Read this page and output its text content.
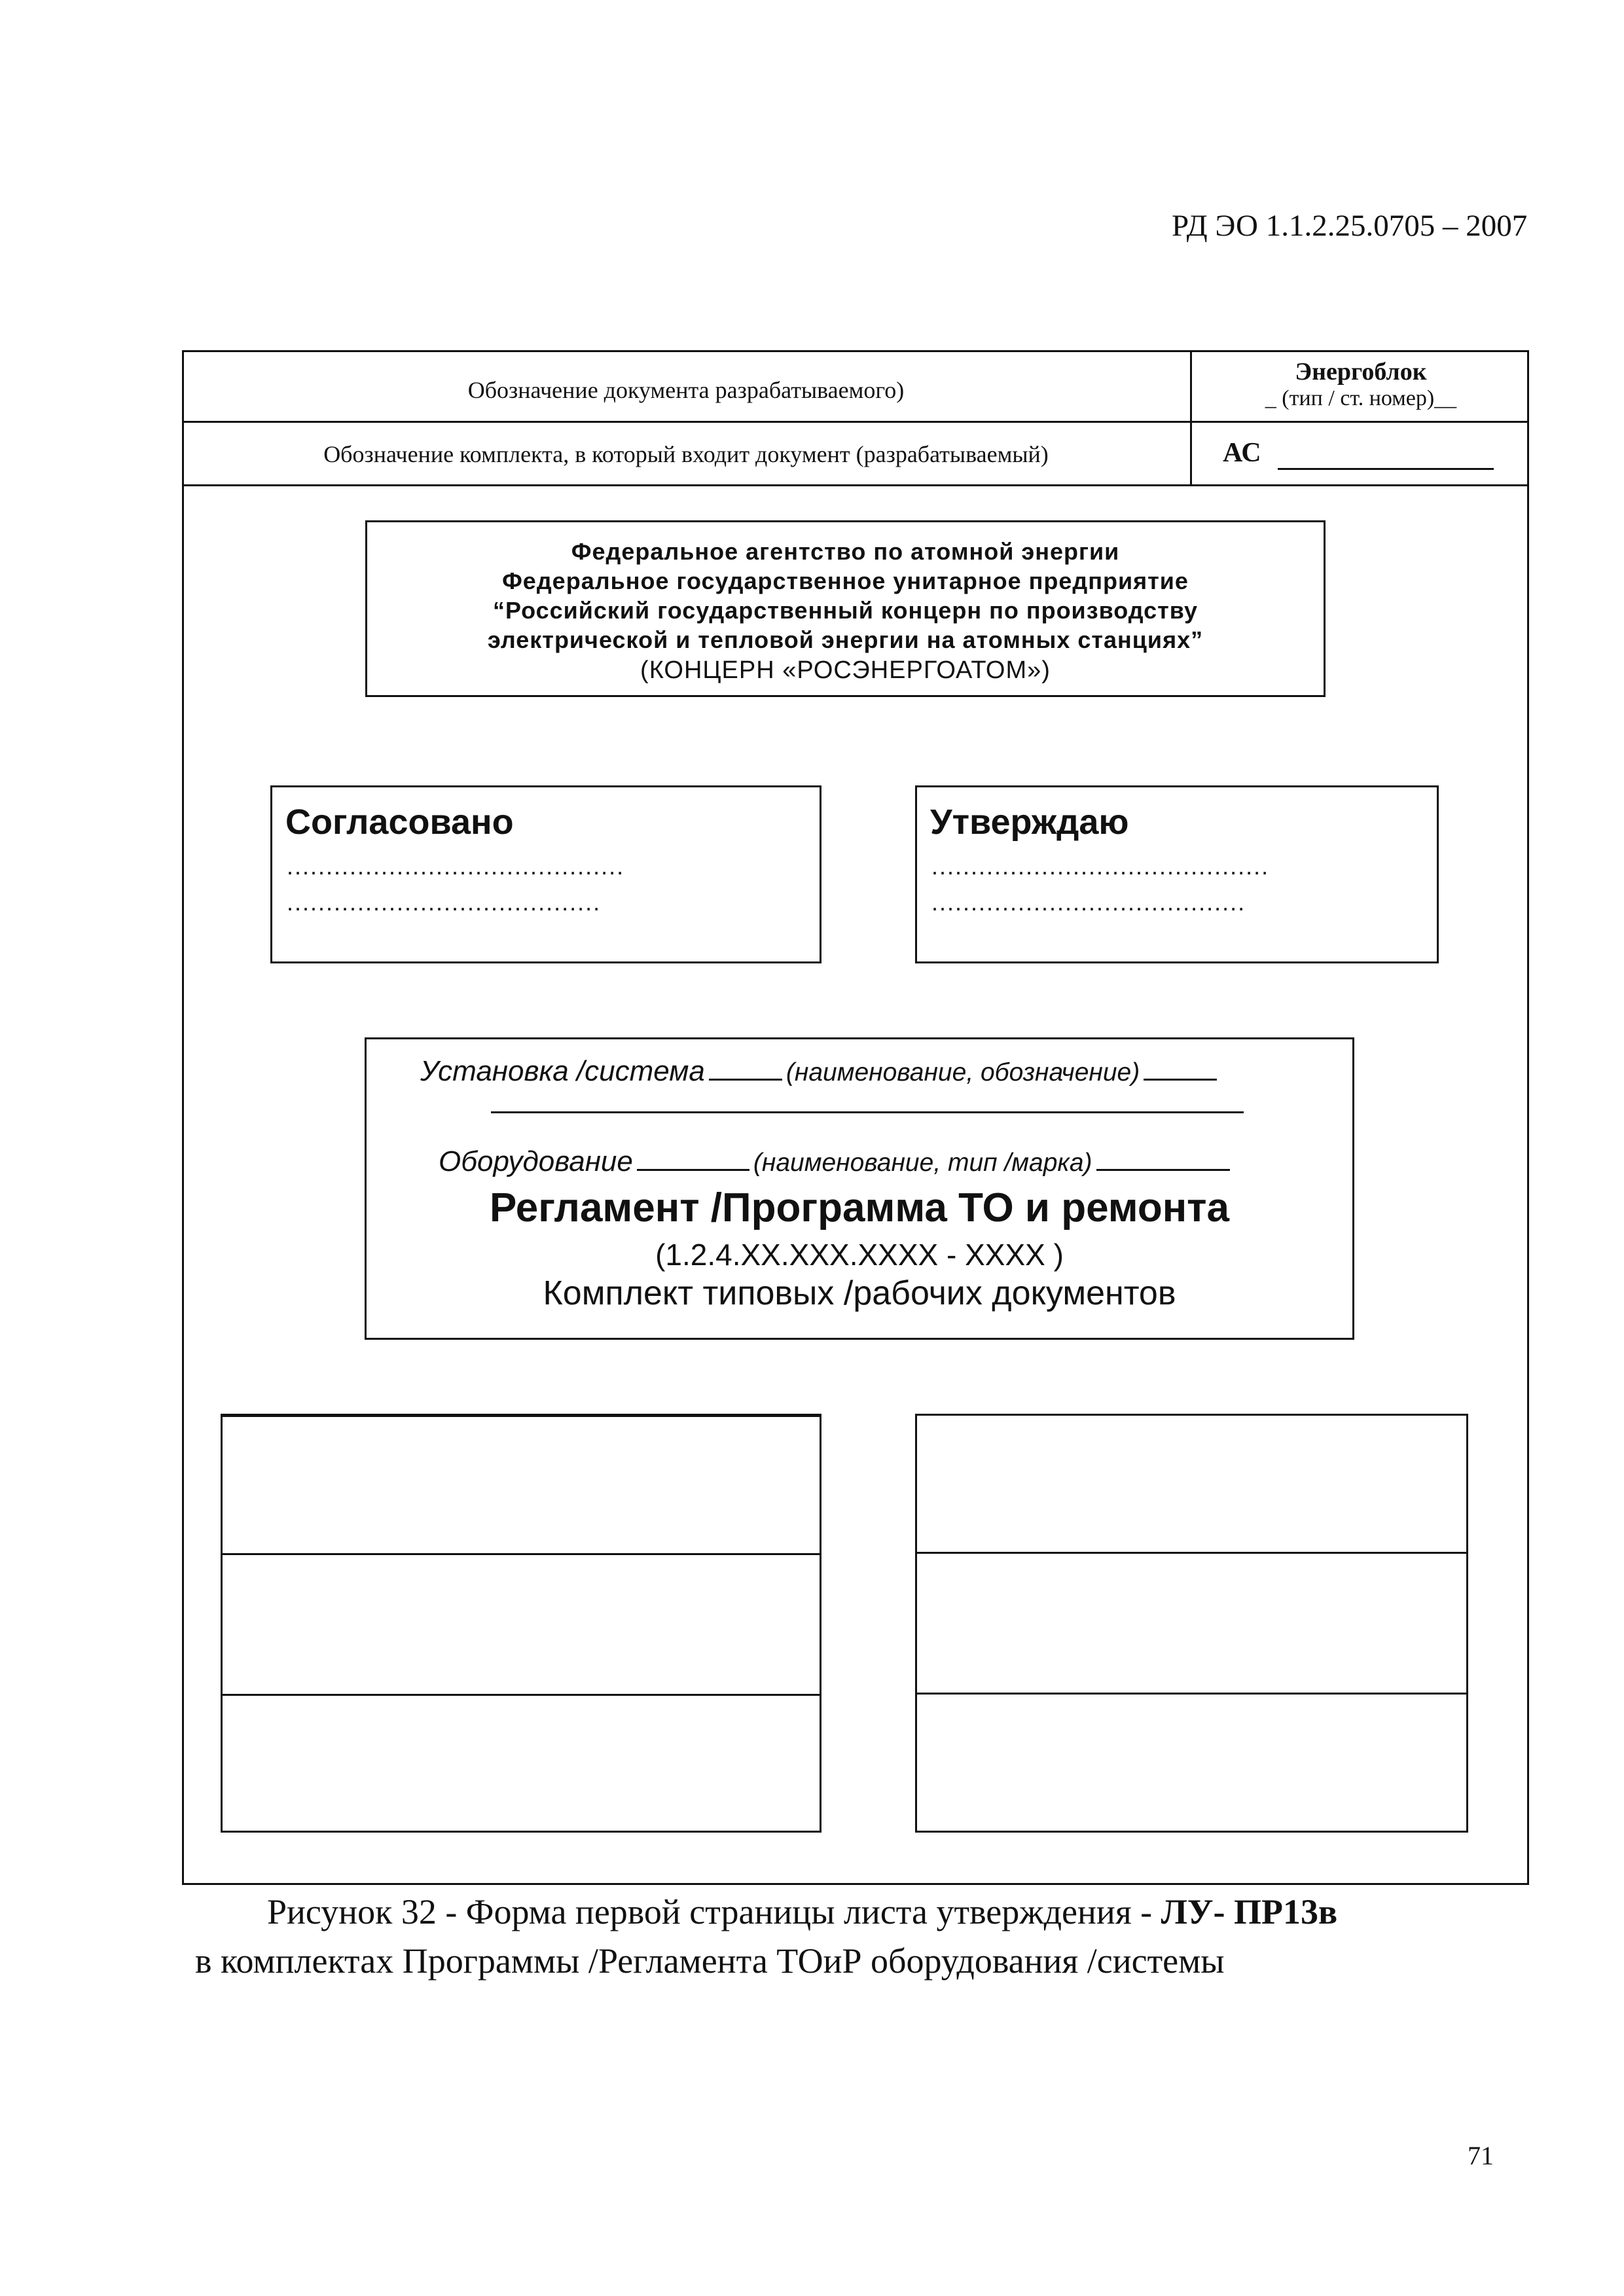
РД ЭО 1.1.2.25.0705 – 2007
Обозначение документа разрабатываемого)
Обозначение комплекта, в который входит документ (разрабатываемый)
Энергоблок
_ (тип / ст. номер)__
АС
Федеральное агентство по атомной энергии
Федеральное государственное унитарное предприятие
“Российский государственный концерн по производству
электрической и тепловой энергии на атомных станциях”
(КОНЦЕРН «РОСЭНЕРГОАТОМ»)
Согласовано
...........................................
........................................
Утверждаю
...........................................
........................................
Установка /система	(наименование, обозначение)
Оборудование	(наименование, тип /марка)
Регламент /Программа ТО и ремонта
(1.2.4.XX.XXX.XXXX - XXXX )
Комплект типовых /рабочих документов
Рисунок 32 - Форма первой страницы листа утверждения - ЛУ- ПР13в
в комплектах Программы /Регламента ТОиР оборудования /системы
71
